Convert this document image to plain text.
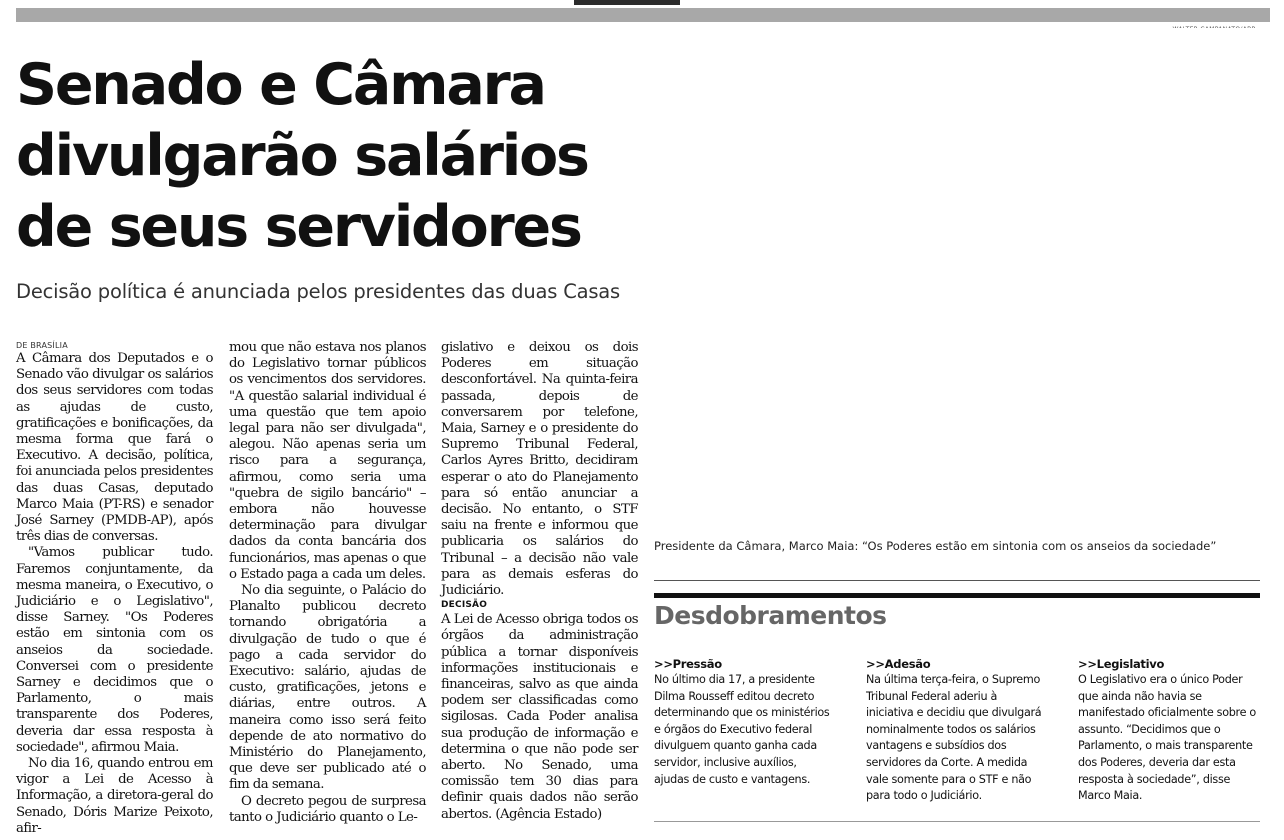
Senado e Câmara
divulgarão salários
de seus servidores

Decisão política é anunciada pelos presidentes das duas Casas

DE BRASÍLIA

A Câmara dos Deputados e o Senado vão divulgar os salários dos seus servidores com todas as ajudas de custo, gratificações e bonificações, da mesma forma que fará o Executivo. A decisão, política, foi anunciada pelos presidentes das duas Casas, deputado Marco Maia (PT-RS) e senador José Sarney (PMDB-AP), após três dias de conversas.

"Vamos publicar tudo. Faremos conjuntamente, da mesma maneira, o Executivo, o Judiciário e o Legislativo", disse Sarney. "Os Poderes estão em sintonia com os anseios da sociedade. Conversei com o presidente Sarney e decidimos que o Parlamento, o mais transparente dos Poderes, deveria dar essa resposta à sociedade", afirmou Maia.

No dia 16, quando entrou em vigor a Lei de Acesso à Informação, a diretora-geral do Senado, Dóris Marize Peixoto, afir-

mou que não estava nos planos do Legislativo tornar públicos os vencimentos dos servidores. "A questão salarial individual é uma questão que tem apoio legal para não ser divulgada", alegou. Não apenas seria um risco para a segurança, afirmou, como seria uma "quebra de sigilo bancário" – embora não houvesse determinação para divulgar dados da conta bancária dos funcionários, mas apenas o que o Estado paga a cada um deles.

No dia seguinte, o Palácio do Planalto publicou decreto tornando obrigatória a divulgação de tudo o que é pago a cada servidor do Executivo: salário, ajudas de custo, gratificações, jetons e diárias, entre outros. A maneira como isso será feito depende de ato normativo do Ministério do Planejamento, que deve ser publicado até o fim da semana.

O decreto pegou de surpresa tanto o Judiciário quanto o Le-

gislativo e deixou os dois Poderes em situação desconfortável. Na quinta-feira passada, depois de conversarem por telefone, Maia, Sarney e o presidente do Supremo Tribunal Federal, Carlos Ayres Britto, decidiram esperar o ato do Planejamento para só então anunciar a decisão. No entanto, o STF saiu na frente e informou que publicaria os salários do Tribunal – a decisão não vale para as demais esferas do Judiciário.

DECISÃO

A Lei de Acesso obriga todos os órgãos da administração pública a tornar disponíveis informações institucionais e financeiras, salvo as que ainda podem ser classificadas como sigilosas. Cada Poder analisa sua produção de informação e determina o que não pode ser aberto. No Senado, uma comissão tem 30 dias para definir quais dados não serão abertos. (Agência Estado)

Presidente da Câmara, Marco Maia: “Os Poderes estão em sintonia com os anseios da sociedade”

Desdobramentos
>>Pressão

No último dia 17, a presidente Dilma Rousseff editou decreto determinando que os ministérios e órgãos do Executivo federal divulguem quanto ganha cada servidor, inclusive auxílios, ajudas de custo e vantagens.

>>Adesão

Na última terça-feira, o Supremo Tribunal Federal aderiu à iniciativa e decidiu que divulgará nominalmente todos os salários vantagens e subsídios dos servidores da Corte. A medida vale somente para o STF e não para todo o Judiciário.

>>Legislativo

O Legislativo era o único Poder que ainda não havia se manifestado oficialmente sobre o assunto. “Decidimos que o Parlamento, o mais transparente dos Poderes, deveria dar esta resposta à sociedade”, disse Marco Maia.
